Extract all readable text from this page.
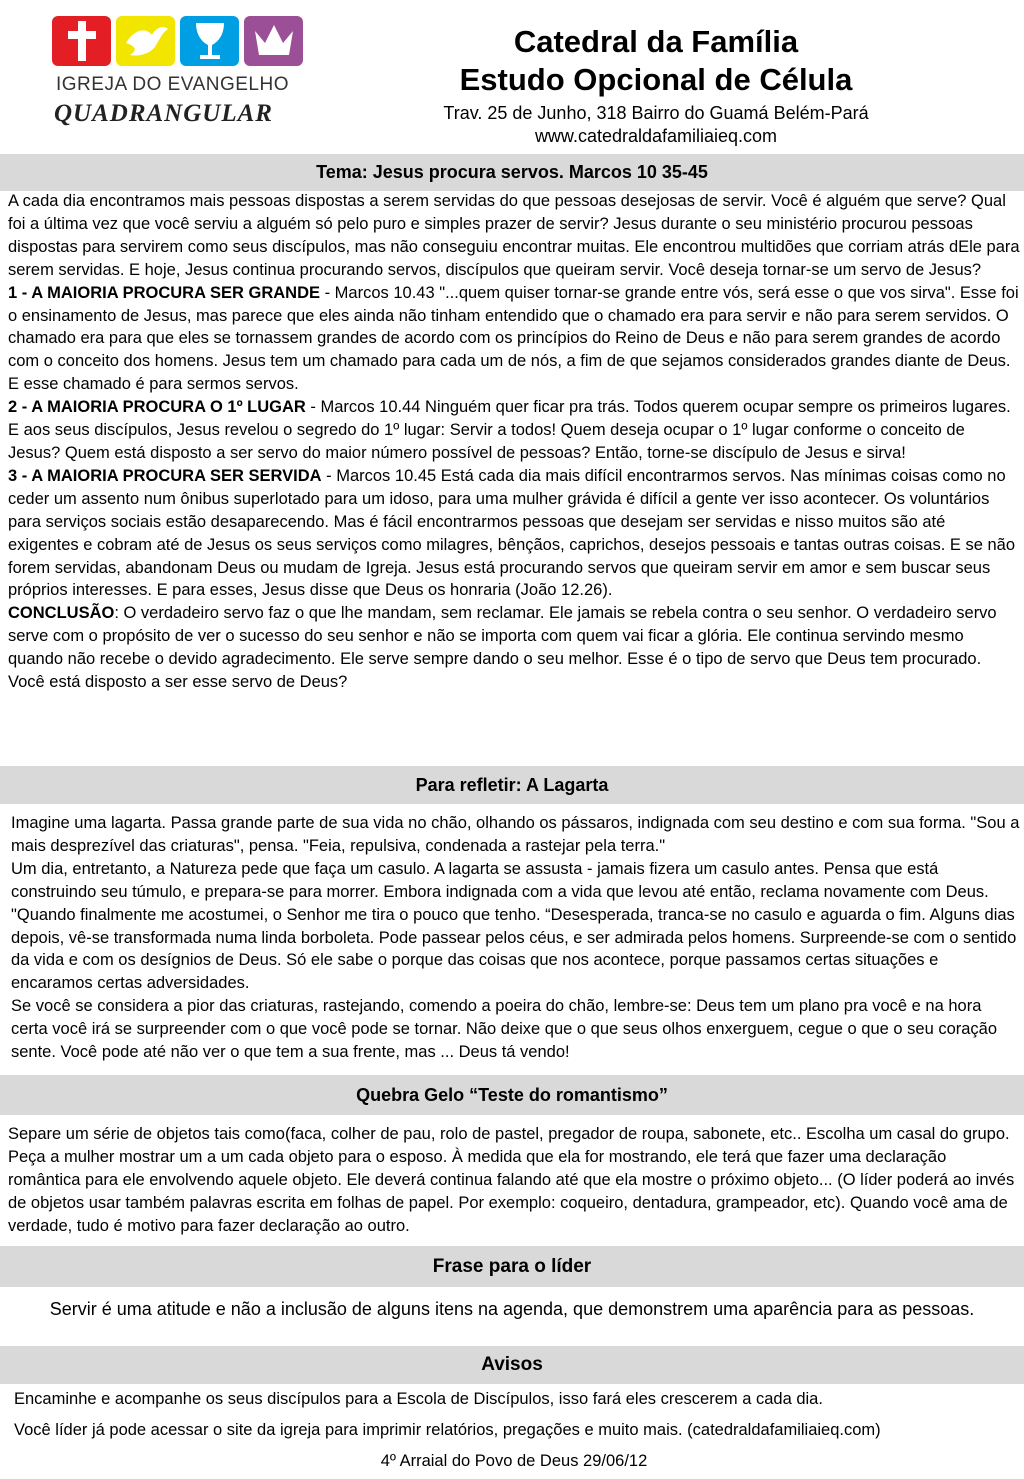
IGREJA DO EVANGELHO
QUADRANGULAR
Catedral da Família
Estudo Opcional de Célula
Trav. 25 de Junho, 318 Bairro do Guamá Belém-Pará
www.catedraldafamiliaieq.com
Tema: Jesus procura servos. Marcos 10 35-45

A cada dia encontramos mais pessoas dispostas a serem servidas do que pessoas desejosas de servir. Você é alguém que serve? Qual foi a última vez que você serviu a alguém só pelo puro e simples prazer de servir? Jesus durante o seu ministério procurou pessoas dispostas para servirem como seus discípulos, mas não conseguiu encontrar muitas. Ele encontrou multidões que corriam atrás dEle para serem servidas. E hoje, Jesus continua procurando servos, discípulos que queiram servir. Você deseja tornar-se um servo de Jesus?

1 - A MAIORIA PROCURA SER GRANDE - Marcos 10.43 "...quem quiser tornar-se grande entre vós, será esse o que vos sirva". Esse foi o ensinamento de Jesus, mas parece que eles ainda não tinham entendido que o chamado era para servir e não para serem servidos. O chamado era para que eles se tornassem grandes de acordo com os princípios do Reino de Deus e não para serem grandes de acordo com o conceito dos homens. Jesus tem um chamado para cada um de nós, a fim de que sejamos considerados grandes diante de Deus. E esse chamado é para sermos servos.

2 - A MAIORIA PROCURA O 1º LUGAR - Marcos 10.44 Ninguém quer ficar pra trás. Todos querem ocupar sempre os primeiros lugares. E aos seus discípulos, Jesus revelou o segredo do 1º lugar: Servir a todos! Quem deseja ocupar o 1º lugar conforme o conceito de Jesus? Quem está disposto a ser servo do maior número possível de pessoas? Então, torne-se discípulo de Jesus e sirva!

3 - A MAIORIA PROCURA SER SERVIDA - Marcos 10.45 Está cada dia mais difícil encontrarmos servos. Nas mínimas coisas como no ceder um assento num ônibus superlotado para um idoso, para uma mulher grávida é difícil a gente ver isso acontecer. Os voluntários para serviços sociais estão desaparecendo. Mas é fácil encontrarmos pessoas que desejam ser servidas e nisso muitos são até exigentes e cobram até de Jesus os seus serviços como milagres, bênçãos, caprichos, desejos pessoais e tantas outras coisas. E se não forem servidas, abandonam Deus ou mudam de Igreja. Jesus está procurando servos que queiram servir em amor e sem buscar seus próprios interesses. E para esses, Jesus disse que Deus os honraria (João 12.26).

CONCLUSÃO: O verdadeiro servo faz o que lhe mandam, sem reclamar. Ele jamais se rebela contra o seu senhor. O verdadeiro servo serve com o propósito de ver o sucesso do seu senhor e não se importa com quem vai ficar a glória. Ele continua servindo mesmo quando não recebe o devido agradecimento. Ele serve sempre dando o seu melhor. Esse é o tipo de servo que Deus tem procurado. Você está disposto a ser esse servo de Deus?

Para refletir: A Lagarta

Imagine uma lagarta. Passa grande parte de sua vida no chão, olhando os pássaros, indignada com seu destino e com sua forma. "Sou a mais desprezível das criaturas", pensa. "Feia, repulsiva, condenada a rastejar pela terra."

Um dia, entretanto, a Natureza pede que faça um casulo. A lagarta se assusta - jamais fizera um casulo antes. Pensa que está construindo seu túmulo, e prepara-se para morrer. Embora indignada com a vida que levou até então, reclama novamente com Deus. "Quando finalmente me acostumei, o Senhor me tira o pouco que tenho. “Desesperada, tranca-se no casulo e aguarda o fim. Alguns dias depois, vê-se transformada numa linda borboleta. Pode passear pelos céus, e ser admirada pelos homens. Surpreende-se com o sentido da vida e com os desígnios de Deus. Só ele sabe o porque das coisas que nos acontece, porque passamos certas situações e encaramos certas adversidades.

Se você se considera a pior das criaturas, rastejando, comendo a poeira do chão, lembre-se: Deus tem um plano pra você e na hora certa você irá se surpreender com o que você pode se tornar. Não deixe que o que seus olhos enxerguem, cegue o que o seu coração sente. Você pode até não ver o que tem a sua frente, mas ... Deus tá vendo!

Quebra Gelo “Teste do romantismo”

Separe um série de objetos tais como(faca, colher de pau, rolo de pastel, pregador de roupa, sabonete, etc.. Escolha um casal do grupo. Peça a mulher mostrar um a um cada objeto para o esposo. À medida que ela for mostrando, ele terá que fazer uma declaração romântica para ele envolvendo aquele objeto. Ele deverá continua falando até que ela mostre o próximo objeto... (O líder poderá ao invés de objetos usar também palavras escrita em folhas de papel. Por exemplo: coqueiro, dentadura, grampeador, etc). Quando você ama de verdade, tudo é motivo para fazer declaração ao outro.

Frase para o líder

Servir é uma atitude e não a inclusão de alguns itens na agenda, que demonstrem uma aparência para as pessoas.

Avisos

Encaminhe e acompanhe os seus discípulos para a Escola de Discípulos, isso fará eles crescerem a cada dia.

Você líder já pode acessar o site da igreja para imprimir relatórios, pregações e muito mais. (catedraldafamiliaieq.com)

4º Arraial do Povo de Deus 29/06/12
